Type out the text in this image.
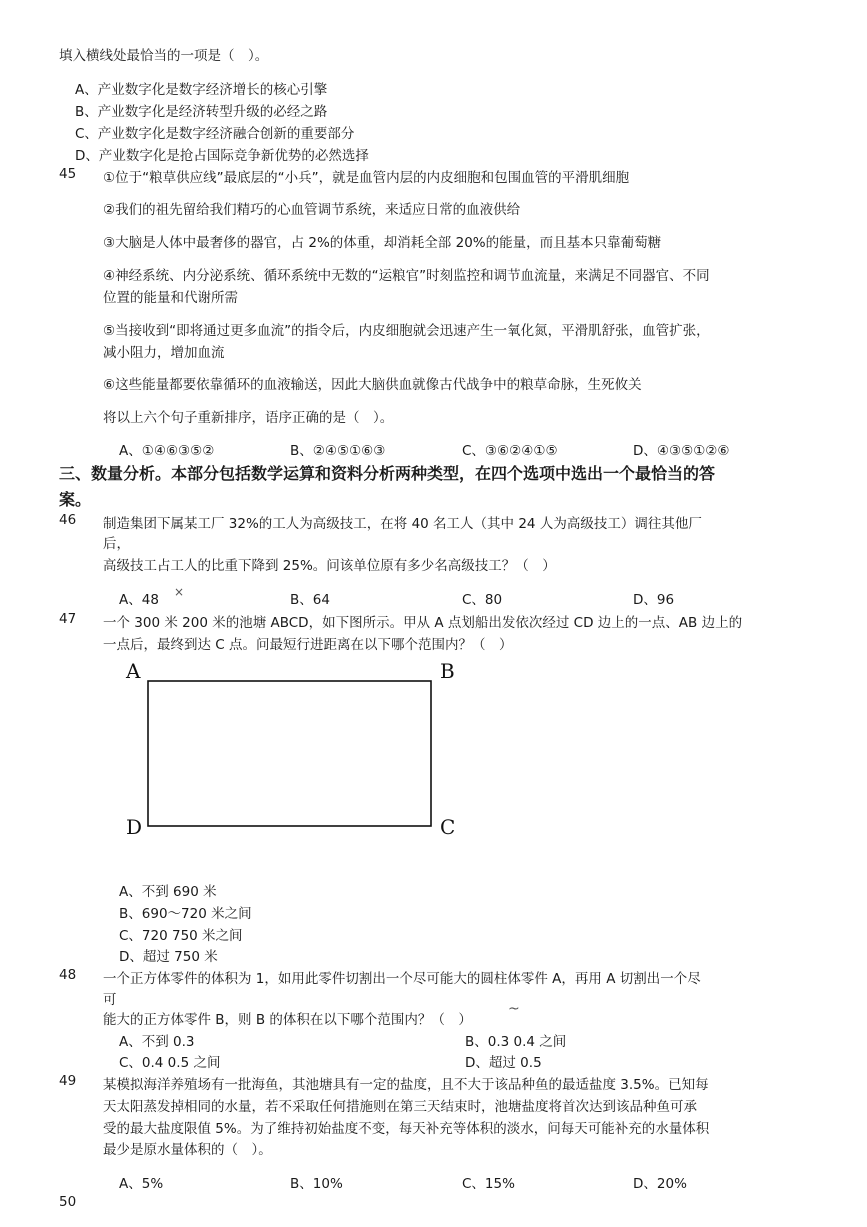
填入横线处最恰当的一项是（　）。
A、产业数字化是数字经济增长的核心引擎
B、产业数字化是经济转型升级的必经之路
C、产业数字化是数字经济融合创新的重要部分
D、产业数字化是抢占国际竞争新优势的必然选择
45 ①位于“粮草供应线”最底层的“小兵”，就是血管内层的内皮细胞和包围血管的平滑肌细胞
②我们的祖先留给我们精巧的心血管调节系统，来适应日常的血液供给
③大脑是人体中最奢侈的器官，占 2%的体重，却消耗全部 20%的能量，而且基本只靠葡萄糖
④神经系统、内分泌系统、循环系统中无数的“运粮官”时刻监控和调节血流量，来满足不同器官、不同
位置的能量和代谢所需
⑤当接收到“即将通过更多血流”的指令后，内皮细胞就会迅速产生一氧化氮，平滑肌舒张，血管扩张，
减小阻力，增加血流
⑥这些能量都要依靠循环的血液输送，因此大脑供血就像古代战争中的粮草命脉，生死攸关
将以上六个句子重新排序，语序正确的是（　）。
A、①④⑥③⑤②	B、②④⑤①⑥③	C、③⑥②④①⑤	D、④③⑤①②⑥
三、数量分析。本部分包括数学运算和资料分析两种类型，在四个选项中选出一个最恰当的答
案。
46 制造集团下属某工厂 32%的工人为高级技工，在将 40 名工人（其中 24 人为高级技工）调往其他厂
后，
高级技工占工人的比重下降到 25%。问该单位原有多少名高级技工？（　）
A、48 ×	B、64	C、80	D、96
47 一个 300 米 200 米的池塘 ABCD，如下图所示。甲从 A 点划船出发依次经过 CD 边上的一点、AB 边上的
一点后，最终到达 C 点。问最短行进距离在以下哪个范围内？（　）
A	B
C
D
A、不到 690 米
B、690～720 米之间
C、720 750 米之间
D、超过 750 米
48 一个正方体零件的体积为 1，如用此零件切割出一个尽可能大的圆柱体零件 A，再用 A 切割出一个尽
可
能大的正方体零件 B，则 B 的体积在以下哪个范围内？（　）
~
A、不到 0.3	B、0.3 0.4 之间
C、0.4 0.5 之间	D、超过 0.5
49 某模拟海洋养殖场有一批海鱼，其池塘具有一定的盐度，且不大于该品种鱼的最适盐度 3.5%。已知每
天太阳蒸发掉相同的水量，若不采取任何措施则在第三天结束时，池塘盐度将首次达到该品种鱼可承
受的最大盐度限值 5%。为了维持初始盐度不变，每天补充等体积的淡水，问每天可能补充的水量体积
最少是原水量体积的（　）。
A、5%	B、10%	C、15%	D、20%
50
